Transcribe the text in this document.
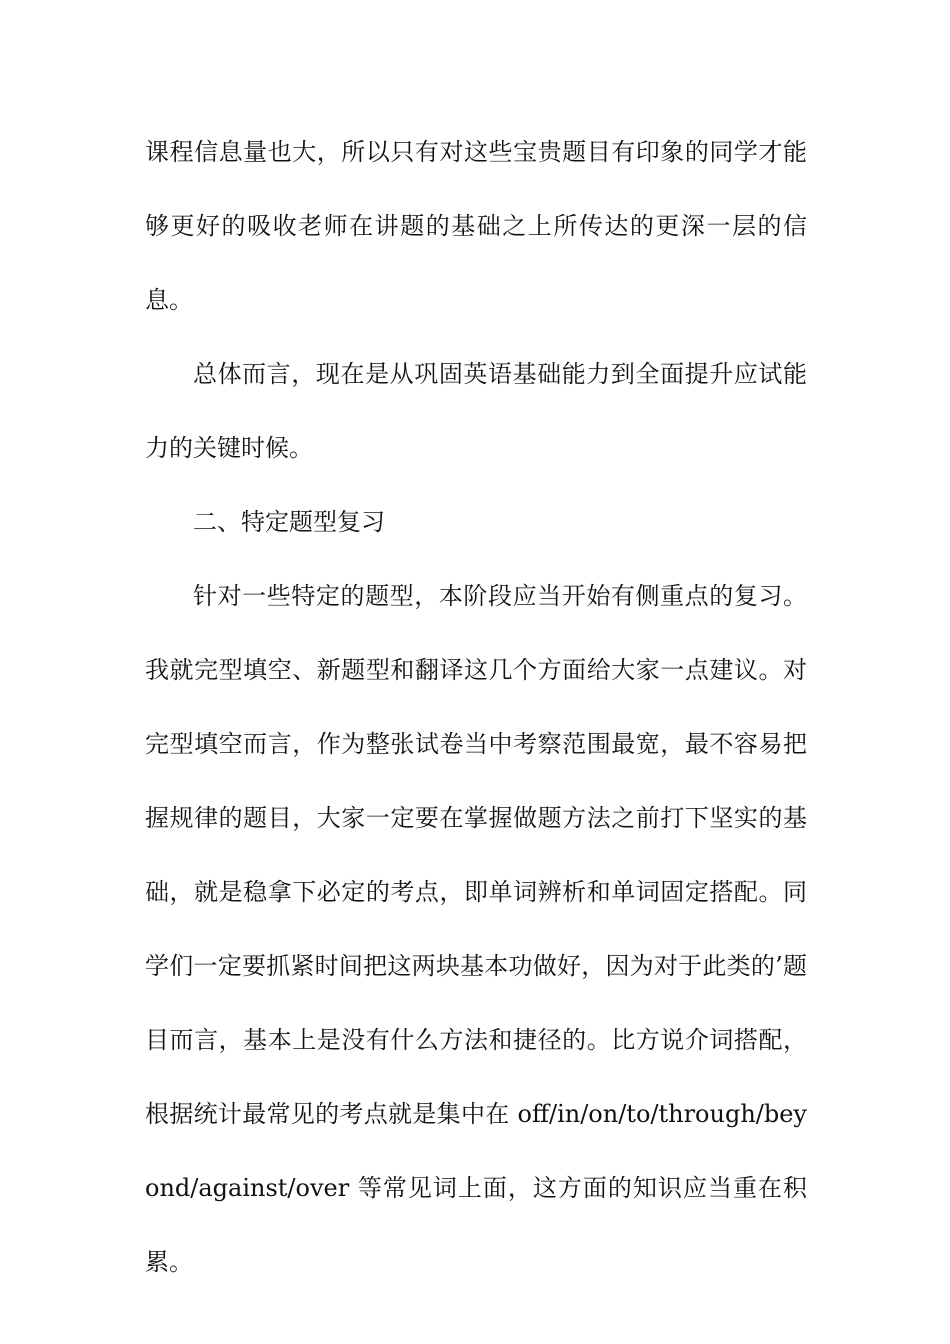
课程信息量也大，所以只有对这些宝贵题目有印象的同学才能够更好的吸收老师在讲题的基础之上所传达的更深一层的信息。

总体而言，现在是从巩固英语基础能力到全面提升应试能力的关键时候。

二、特定题型复习

针对一些特定的题型，本阶段应当开始有侧重点的复习。我就完型填空、新题型和翻译这几个方面给大家一点建议。对完型填空而言，作为整张试卷当中考察范围最宽，最不容易把握规律的题目，大家一定要在掌握做题方法之前打下坚实的基础，就是稳拿下必定的考点，即单词辨析和单词固定搭配。同学们一定要抓紧时间把这两块基本功做好，因为对于此类的’题目而言，基本上是没有什么方法和捷径的。比方说介词搭配，根据统计最常见的考点就是集中在 off/in/on/to/through/beyond/against/over 等常见词上面，这方面的知识应当重在积累。
